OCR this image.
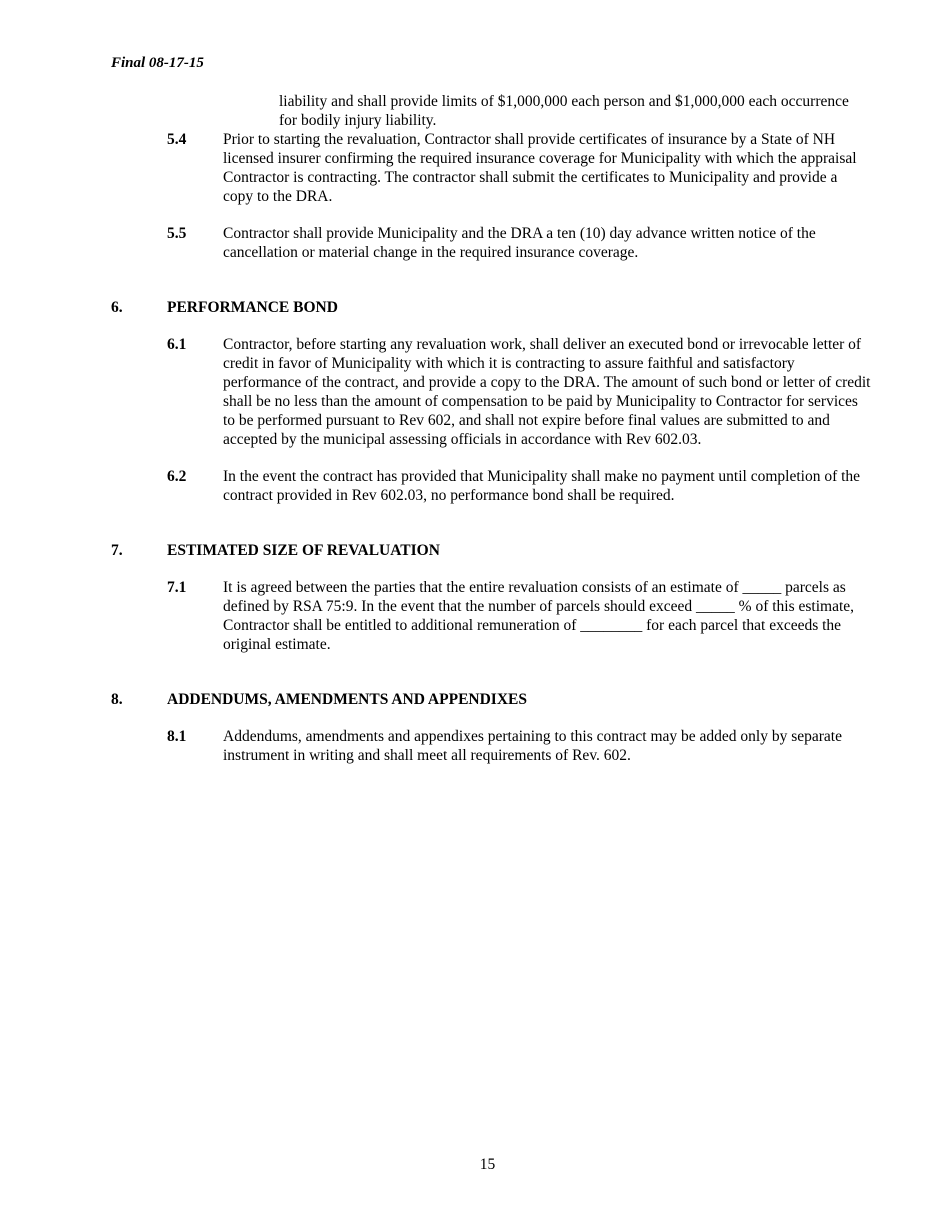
Final 08-17-15
liability and shall provide limits of $1,000,000 each person and $1,000,000 each occurrence for bodily injury liability.
5.4	Prior to starting the revaluation, Contractor shall provide certificates of insurance by a State of NH licensed insurer confirming the required insurance coverage for Municipality with which the appraisal Contractor is contracting. The contractor shall submit the certificates to Municipality and provide a copy to the DRA.
5.5	Contractor shall provide Municipality and the DRA a ten (10) day advance written notice of the cancellation or material change in the required insurance coverage.
6.	PERFORMANCE BOND
6.1	Contractor, before starting any revaluation work, shall deliver an executed bond or irrevocable letter of credit in favor of Municipality with which it is contracting to assure faithful and satisfactory performance of the contract, and provide a copy to the DRA. The amount of such bond or letter of credit shall be no less than the amount of compensation to be paid by Municipality to Contractor for services to be performed pursuant to Rev 602, and shall not expire before final values are submitted to and accepted by the municipal assessing officials in accordance with Rev 602.03.
6.2	In the event the contract has provided that Municipality shall make no payment until completion of the contract provided in Rev 602.03, no performance bond shall be required.
7.	ESTIMATED SIZE OF REVALUATION
7.1	It is agreed between the parties that the entire revaluation consists of an estimate of _____ parcels as defined by RSA 75:9. In the event that the number of parcels should exceed _____ % of this estimate, Contractor shall be entitled to additional remuneration of ________ for each parcel that exceeds the original estimate.
8.	ADDENDUMS, AMENDMENTS AND APPENDIXES
8.1	Addendums, amendments and appendixes pertaining to this contract may be added only by separate instrument in writing and shall meet all requirements of Rev. 602.
15
